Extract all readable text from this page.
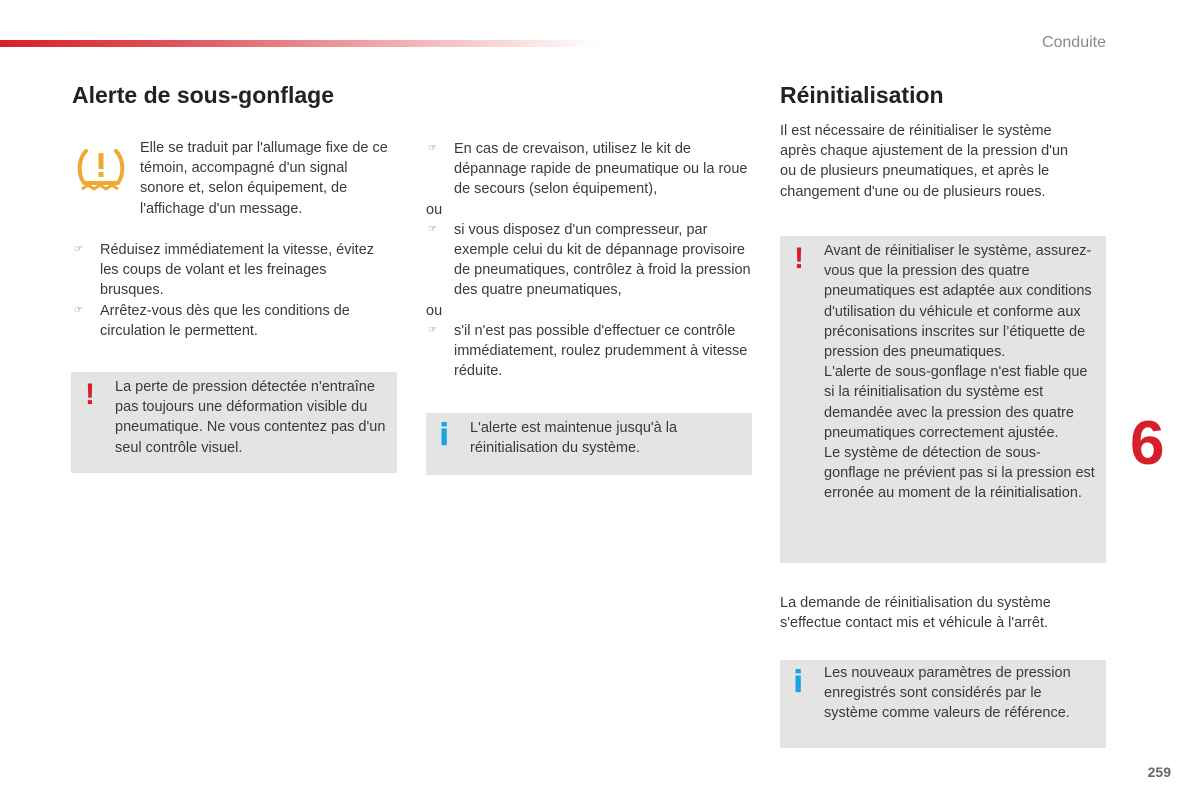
Conduite
Alerte de sous-gonflage

Elle se traduit par l'allumage fixe de ce témoin, accompagné d'un signal sonore et, selon équipement, de l'affichage d'un message.

☞ Réduisez immédiatement la vitesse, évitez les coups de volant et les freinages brusques.
☞ Arrêtez-vous dès que les conditions de circulation le permettent.
! La perte de pression détectée n'entraîne pas toujours une déformation visible du pneumatique. Ne vous contentez pas d'un seul contrôle visuel.

☞ En cas de crevaison, utilisez le kit de dépannage rapide de pneumatique ou la roue de secours (selon équipement),
ou
☞ si vous disposez d'un compresseur, par exemple celui du kit de dépannage provisoire de pneumatiques, contrôlez à froid la pression des quatre pneumatiques,
ou
☞ s'il n'est pas possible d'effectuer ce contrôle immédiatement, roulez prudemment à vitesse réduite.
i L'alerte est maintenue jusqu'à la réinitialisation du système.

Réinitialisation

Il est nécessaire de réinitialiser le système après chaque ajustement de la pression d'un ou de plusieurs pneumatiques, et après le changement d'une ou de plusieurs roues.

! Avant de réinitialiser le système, assurez-vous que la pression des quatre pneumatiques est adaptée aux conditions d'utilisation du véhicule et conforme aux préconisations inscrites sur l’étiquette de pression des pneumatiques.
L'alerte de sous-gonflage n'est fiable que si la réinitialisation du système est demandée avec la pression des quatre pneumatiques correctement ajustée.
Le système de détection de sous-gonflage ne prévient pas si la pression est erronée au moment de la réinitialisation.

La demande de réinitialisation du système s'effectue contact mis et véhicule à l'arrêt.

i Les nouveaux paramètres de pression enregistrés sont considérés par le système comme valeurs de référence.

6
259
